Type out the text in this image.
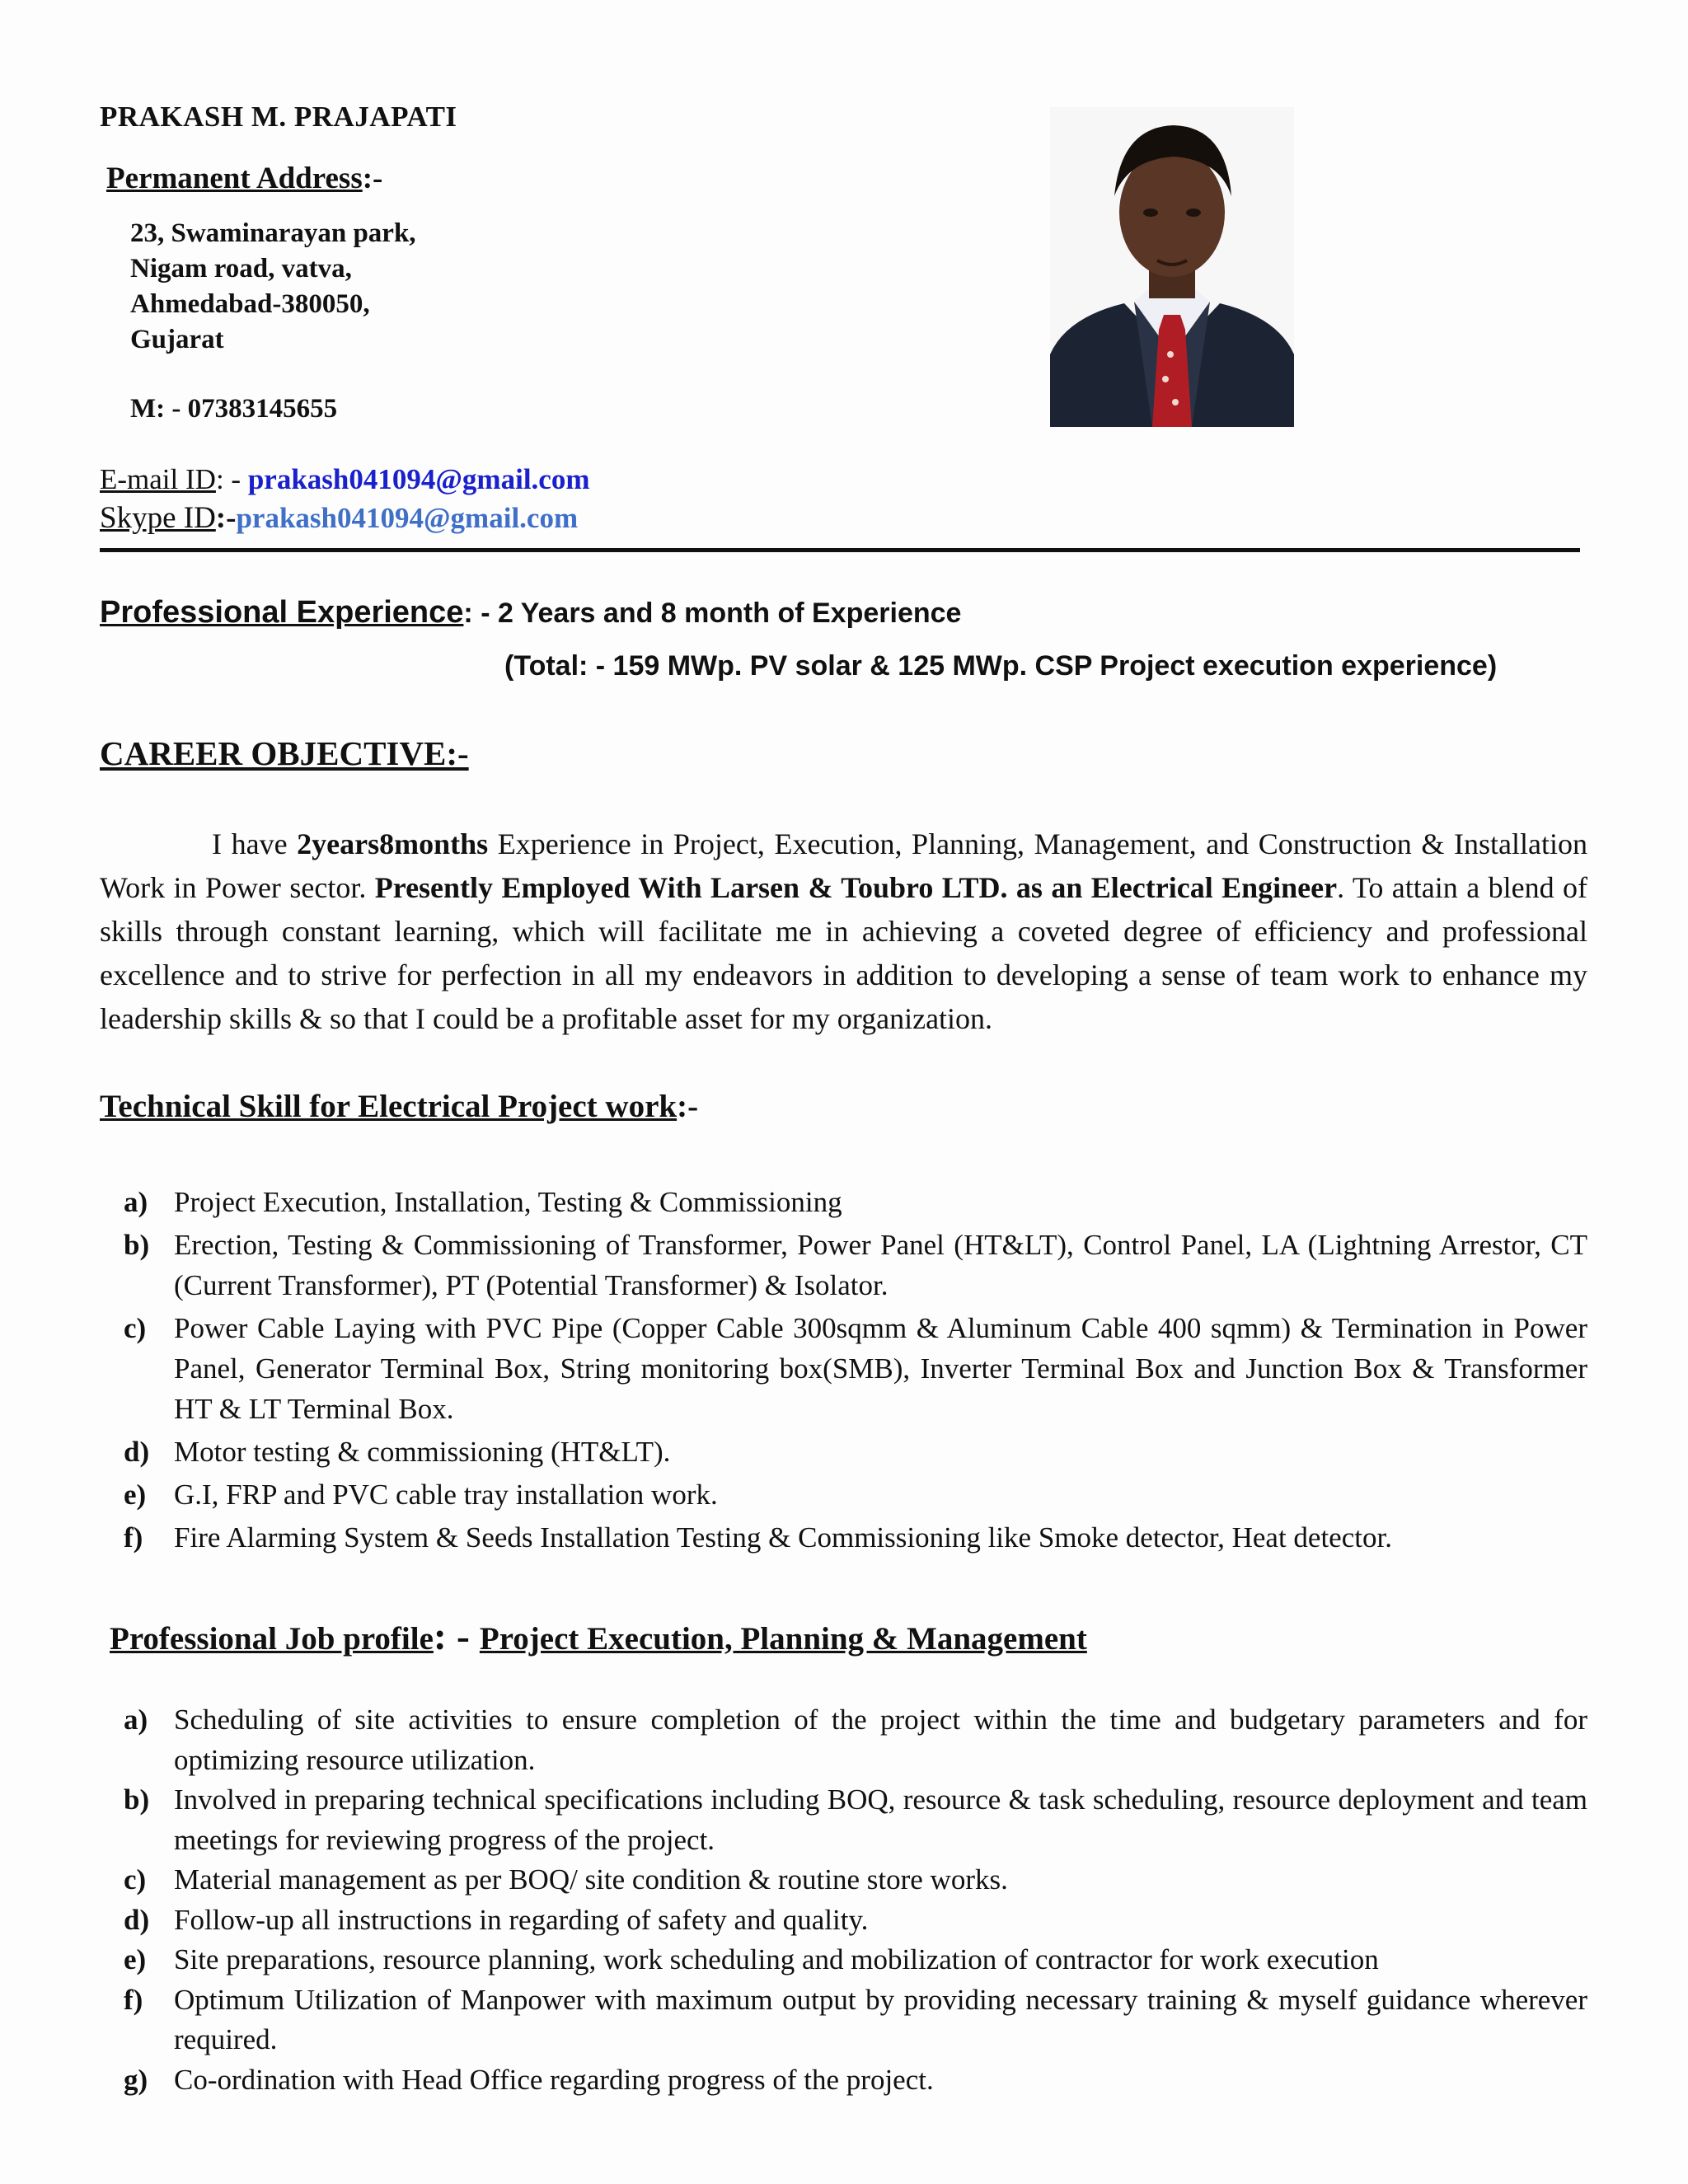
PRAKASH M. PRAJAPATI
Permanent Address:-
23, Swaminarayan park,
Nigam road, vatva,
Ahmedabad-380050,
Gujarat
M: - 07383145655
E-mail ID: - prakash041094@gmail.com
Skype ID:-prakash041094@gmail.com
Professional Experience: - 2 Years and 8 month of Experience
(Total: - 159 MWp. PV solar & 125 MWp. CSP Project execution experience)
CAREER OBJECTIVE:-
I have 2years8months Experience in Project, Execution, Planning, Management, and Construction & Installation Work in Power sector. Presently Employed With Larsen & Toubro LTD. as an Electrical Engineer. To attain a blend of skills through constant learning, which will facilitate me in achieving a coveted degree of efficiency and professional excellence and to strive for perfection in all my endeavors in addition to developing a sense of team work to enhance my leadership skills & so that I could be a profitable asset for my organization.
Technical Skill for Electrical Project work:-
a) Project Execution, Installation, Testing & Commissioning
b) Erection, Testing & Commissioning of Transformer, Power Panel (HT&LT), Control Panel, LA (Lightning Arrestor, CT (Current Transformer), PT (Potential Transformer) & Isolator.
c) Power Cable Laying with PVC Pipe (Copper Cable 300sqmm & Aluminum Cable 400 sqmm) & Termination in Power Panel, Generator Terminal Box, String monitoring box(SMB), Inverter Terminal Box and Junction Box & Transformer HT & LT Terminal Box.
d) Motor testing & commissioning (HT&LT).
e) G.I, FRP and PVC cable tray installation work.
f) Fire Alarming System & Seeds Installation Testing & Commissioning like Smoke detector, Heat detector.
Professional Job profile: - Project Execution, Planning & Management
a) Scheduling of site activities to ensure completion of the project within the time and budgetary parameters and for optimizing resource utilization.
b) Involved in preparing technical specifications including BOQ, resource & task scheduling, resource deployment and team meetings for reviewing progress of the project.
c) Material management as per BOQ/ site condition & routine store works.
d) Follow-up all instructions in regarding of safety and quality.
e) Site preparations, resource planning, work scheduling and mobilization of contractor for work execution
f) Optimum Utilization of Manpower with maximum output by providing necessary training & myself guidance wherever required.
g) Co-ordination with Head Office regarding progress of the project.
